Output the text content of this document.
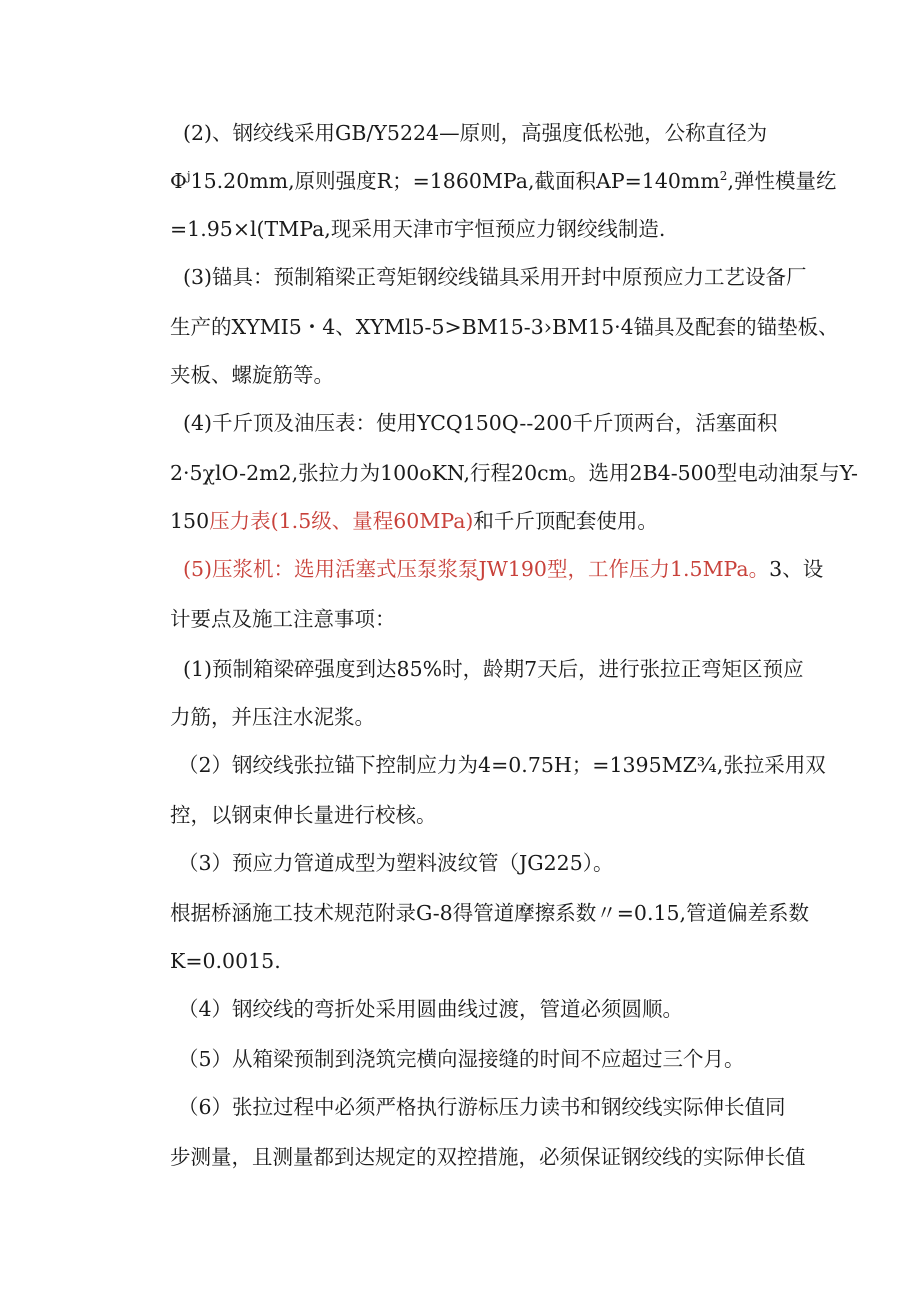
(2)、钢绞线采用GB/Y5224—原则，高强度低松弛，公称直径为
$\Phi^j15.20mm$,原则强度R；=1860MPa,截面积$AP=140mm^2$,弹性模量纥
=1.95×l(TMPa,现采用天津市宇恒预应力钢绞线制造.
(3)锚具：预制箱梁正弯矩钢绞线锚具采用开封中原预应力工艺设备厂
生产的XYMI5・4、XYMl5-5>BM15-3›BM15·4锚具及配套的锚垫板、
夹板、螺旋筋等。
(4)千斤顶及油压表：使用YCQ150Q--200千斤顶两台，活塞面积
2·5χlO-2m2,张拉力为100oKN,行程20cm。选用2B4-500型电动油泵与Y-
150压力表(1.5级、量程60MPa)和千斤顶配套使用。
(5)压浆机：选用活塞式压泵浆泵JW190型，工作压力1.5MPa。3、设
计要点及施工注意事项：
(1)预制箱梁碎强度到达85%时，龄期7天后，进行张拉正弯矩区预应
力筋，并压注水泥浆。
（2）钢绞线张拉锚下控制应力为4=0.75H；=1395MZ¾,张拉采用双
控，以钢束伸长量进行校核。
（3）预应力管道成型为塑料波纹管（JG225）。
根据桥涵施工技术规范附录G-8得管道摩擦系数〃=0.15,管道偏差系数
K=0.0015.
（4）钢绞线的弯折处采用圆曲线过渡，管道必须圆顺。
（5）从箱梁预制到浇筑完横向湿接缝的时间不应超过三个月。
（6）张拉过程中必须严格执行游标压力读书和钢绞线实际伸长值同
步测量，且测量都到达规定的双控措施，必须保证钢绞线的实际伸长值
